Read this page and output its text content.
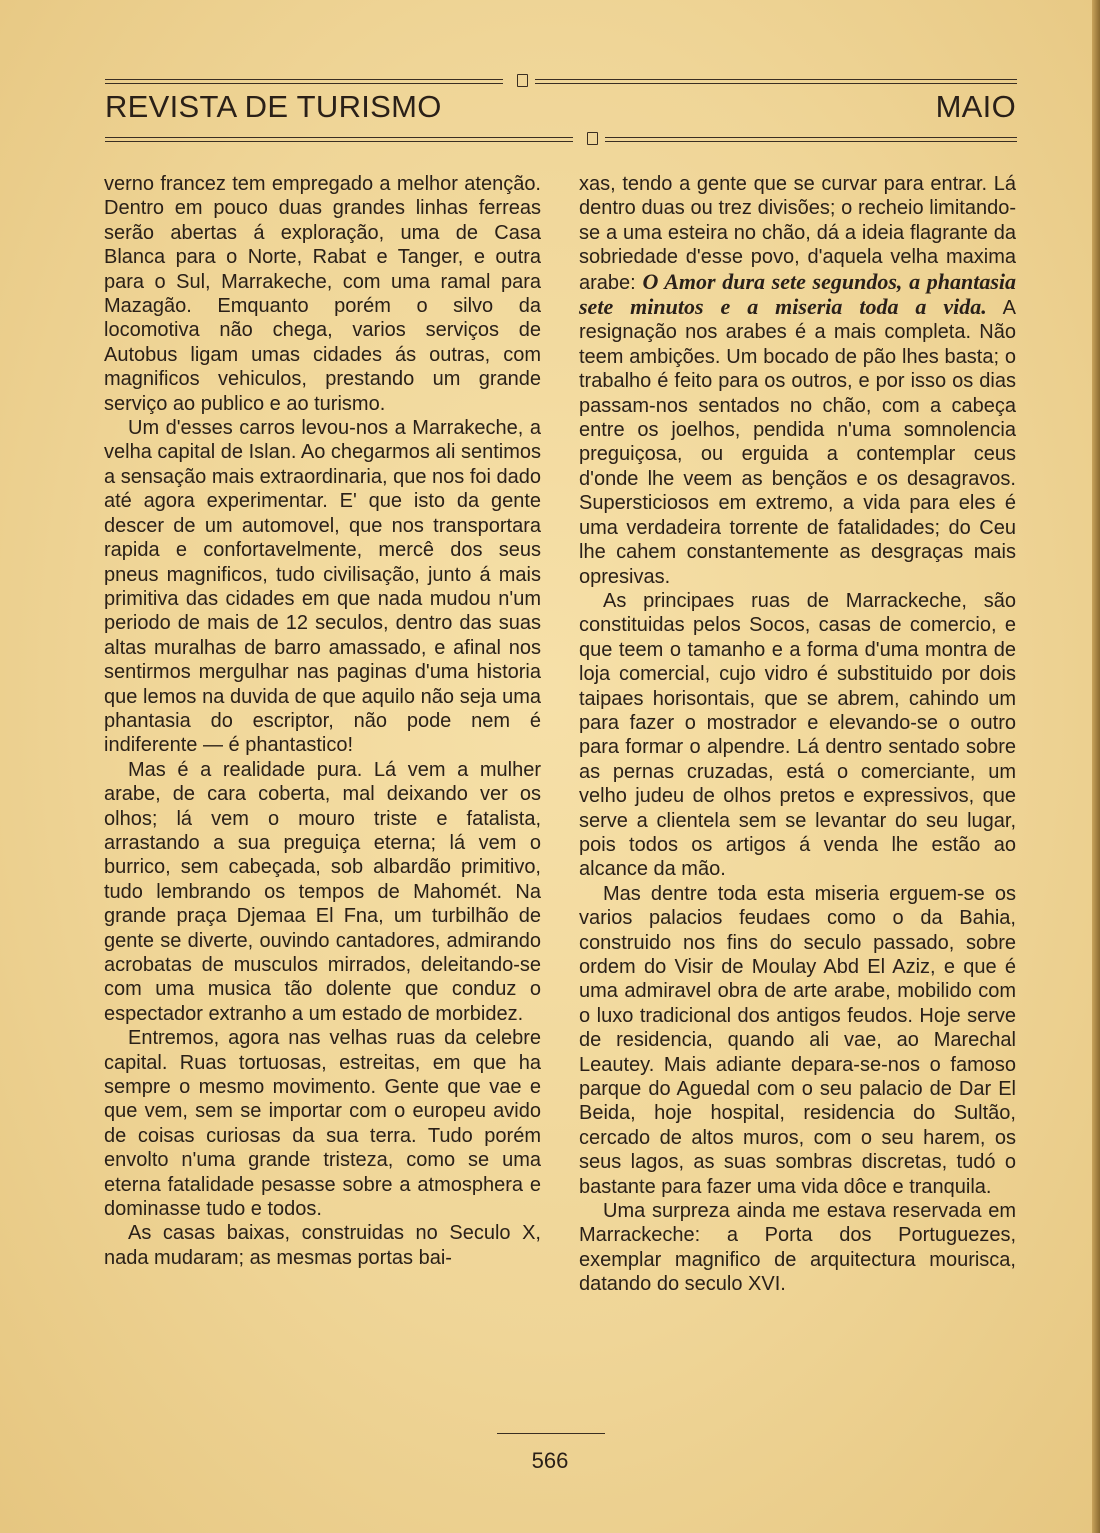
REVISTA DE TURISMO	MAIO

verno francez tem empregado a melhor atenção. Dentro em pouco duas grandes linhas ferreas serão abertas á exploração, uma de Casa Blanca para o Norte, Rabat e Tanger, e outra para o Sul, Marrakeche, com uma ramal para Mazagão. Emquanto porém o silvo da locomotiva não chega, varios serviços de Autobus ligam umas cidades ás outras, com magnificos vehiculos, prestando um grande serviço ao publico e ao turismo.

Um d'esses carros levou-nos a Marrakeche, a velha capital de Islan. Ao chegarmos ali sentimos a sensação mais extraordinaria, que nos foi dado até agora experimentar. E' que isto da gente descer de um automovel, que nos transportara rapida e confortavelmente, mercê dos seus pneus magnificos, tudo civilisação, junto á mais primitiva das cidades em que nada mudou n'um periodo de mais de 12 seculos, dentro das suas altas muralhas de barro amassado, e afinal nos sentirmos mergulhar nas paginas d'uma historia que lemos na duvida de que aquilo não seja uma phantasia do escriptor, não pode nem é indiferente — é phantastico!

Mas é a realidade pura. Lá vem a mulher arabe, de cara coberta, mal deixando ver os olhos; lá vem o mouro triste e fatalista, arrastando a sua preguiça eterna; lá vem o burrico, sem cabeçada, sob albardão primitivo, tudo lembrando os tempos de Mahomét. Na grande praça Djemaa El Fna, um turbilhão de gente se diverte, ouvindo cantadores, admirando acrobatas de musculos mirrados, deleitando-se com uma musica tão dolente que conduz o espectador extranho a um estado de morbidez.

Entremos, agora nas velhas ruas da celebre capital. Ruas tortuosas, estreitas, em que ha sempre o mesmo movimento. Gente que vae e que vem, sem se importar com o europeu avido de coisas curiosas da sua terra. Tudo porém envolto n'uma grande tristeza, como se uma eterna fatalidade pesasse sobre a atmosphera e dominasse tudo e todos.

As casas baixas, construidas no Seculo X, nada mudaram; as mesmas portas bai-

xas, tendo a gente que se curvar para entrar. Lá dentro duas ou trez divisões; o recheio limitando-se a uma esteira no chão, dá a ideia flagrante da sobriedade d'esse povo, d'aquela velha maxima arabe: O Amor dura sete segundos, a phantasia sete minutos e a miseria toda a vida. A resignação nos arabes é a mais completa. Não teem ambições. Um bocado de pão lhes basta; o trabalho é feito para os outros, e por isso os dias passam-nos sentados no chão, com a cabeça entre os joelhos, pendida n'uma somnolencia preguiçosa, ou erguida a contemplar ceus d'onde lhe veem as bençãos e os desagravos. Supersticiosos em extremo, a vida para eles é uma verdadeira torrente de fatalidades; do Ceu lhe cahem constantemente as desgraças mais opresivas.

As principaes ruas de Marrackeche, são constituidas pelos Socos, casas de comercio, e que teem o tamanho e a forma d'uma montra de loja comercial, cujo vidro é substituido por dois taipaes horisontais, que se abrem, cahindo um para fazer o mostrador e elevando-se o outro para formar o alpendre. Lá dentro sentado sobre as pernas cruzadas, está o comerciante, um velho judeu de olhos pretos e expressivos, que serve a clientela sem se levantar do seu lugar, pois todos os artigos á venda lhe estão ao alcance da mão.

Mas dentre toda esta miseria erguem-se os varios palacios feudaes como o da Bahia, construido nos fins do seculo passado, sobre ordem do Visir de Moulay Abd El Aziz, e que é uma admiravel obra de arte arabe, mobilido com o luxo tradicional dos antigos feudos. Hoje serve de residencia, quando ali vae, ao Marechal Leautey. Mais adiante depara-se-nos o famoso parque do Aguedal com o seu palacio de Dar El Beida, hoje hospital, residencia do Sultão, cercado de altos muros, com o seu harem, os seus lagos, as suas sombras discretas, tudó o bastante para fazer uma vida dôce e tranquila.

Uma surpreza ainda me estava reservada em Marrackeche: a Porta dos Portuguezes, exemplar magnifico de arquitectura mourisca, datando do seculo XVI.

566
